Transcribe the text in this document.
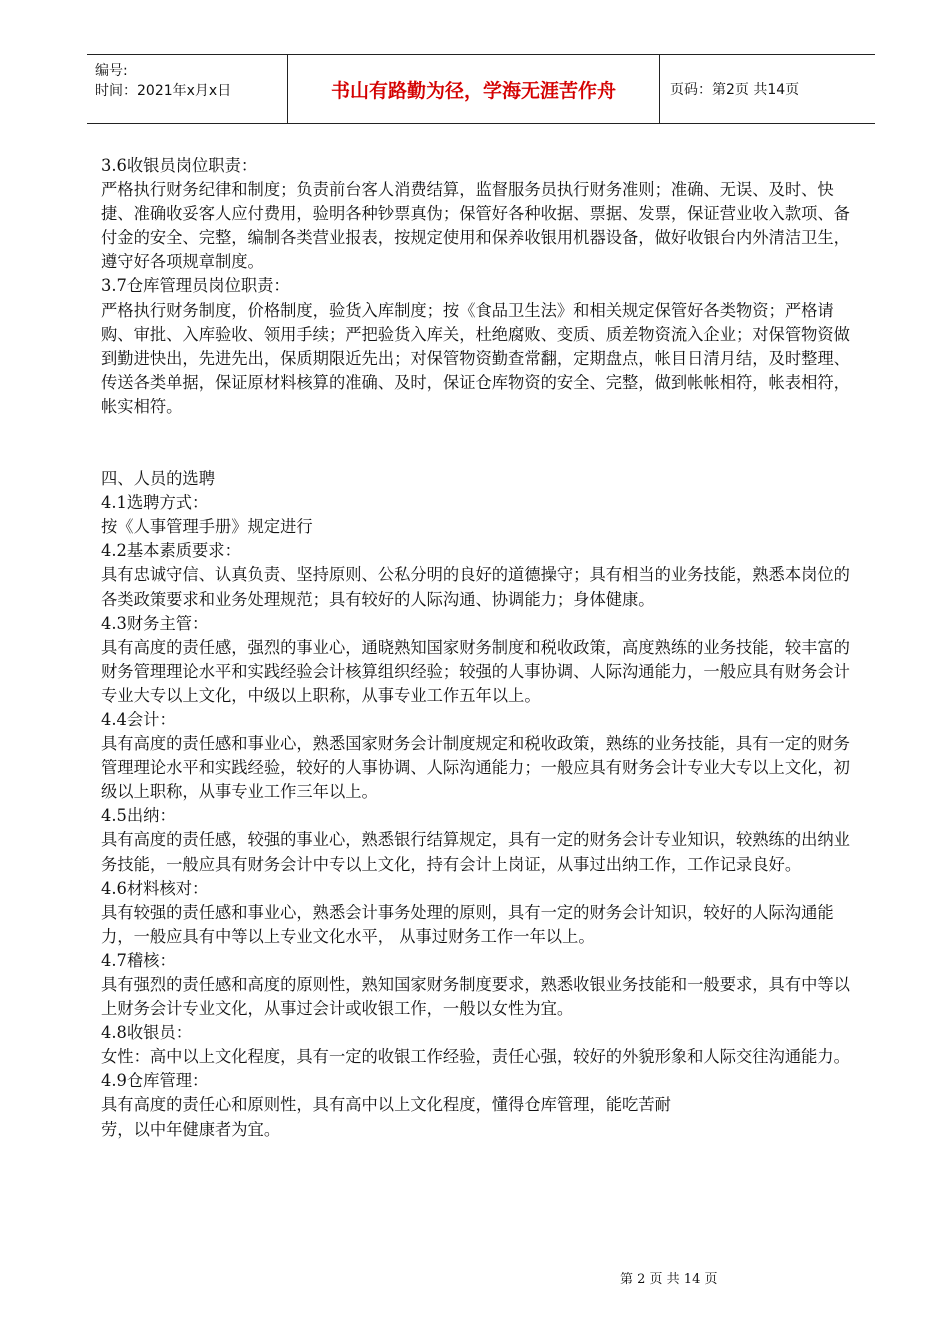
编号:
时间：2021年x月x日	书山有路勤为径，学海无涯苦作舟	页码：第2页 共14页

3.6收银员岗位职责：

严格执行财务纪律和制度；负责前台客人消费结算，监督服务员执行财务准则；准确、无误、及时、快捷、准确收妥客人应付费用，验明各种钞票真伪；保管好各种收据、票据、发票，保证营业收入款项、备付金的安全、完整，编制各类营业报表，按规定使用和保养收银用机器设备，做好收银台内外清洁卫生，遵守好各项规章制度。

3.7仓库管理员岗位职责：

严格执行财务制度，价格制度，验货入库制度；按《食品卫生法》和相关规定保管好各类物资；严格请购、审批、入库验收、领用手续；严把验货入库关，杜绝腐败、变质、质差物资流入企业；对保管物资做到勤进快出，先进先出，保质期限近先出；对保管物资勤查常翻，定期盘点，帐目日清月结，及时整理、传送各类单据，保证原材料核算的准确、及时，保证仓库物资的安全、完整，做到帐帐相符，帐表相符，帐实相符。

四、人员的选聘

4.1选聘方式：

按《人事管理手册》规定进行

4.2基本素质要求：

具有忠诚守信、认真负责、坚持原则、公私分明的良好的道德操守；具有相当的业务技能，熟悉本岗位的各类政策要求和业务处理规范；具有较好的人际沟通、协调能力；身体健康。

4.3财务主管：

具有高度的责任感，强烈的事业心，通晓熟知国家财务制度和税收政策，高度熟练的业务技能，较丰富的财务管理理论水平和实践经验会计核算组织经验；较强的人事协调、人际沟通能力，一般应具有财务会计专业大专以上文化，中级以上职称，从事专业工作五年以上。

4.4会计：

具有高度的责任感和事业心，熟悉国家财务会计制度规定和税收政策，熟练的业务技能，具有一定的财务管理理论水平和实践经验，较好的人事协调、人际沟通能力；一般应具有财务会计专业大专以上文化，初级以上职称，从事专业工作三年以上。

4.5出纳：

具有高度的责任感，较强的事业心，熟悉银行结算规定，具有一定的财务会计专业知识，较熟练的出纳业务技能，一般应具有财务会计中专以上文化，持有会计上岗证，从事过出纳工作，工作记录良好。

4.6材料核对：

具有较强的责任感和事业心，熟悉会计事务处理的原则，具有一定的财务会计知识，较好的人际沟通能力，一般应具有中等以上专业文化水平， 从事过财务工作一年以上。

4.7稽核：

具有强烈的责任感和高度的原则性，熟知国家财务制度要求，熟悉收银业务技能和一般要求，具有中等以上财务会计专业文化，从事过会计或收银工作，一般以女性为宜。

4.8收银员：

女性：高中以上文化程度，具有一定的收银工作经验，责任心强，较好的外貌形象和人际交往沟通能力。

4.9仓库管理：

具有高度的责任心和原则性，具有高中以上文化程度，懂得仓库管理，能吃苦耐

劳，以中年健康者为宜。

第 2 页 共 14 页
